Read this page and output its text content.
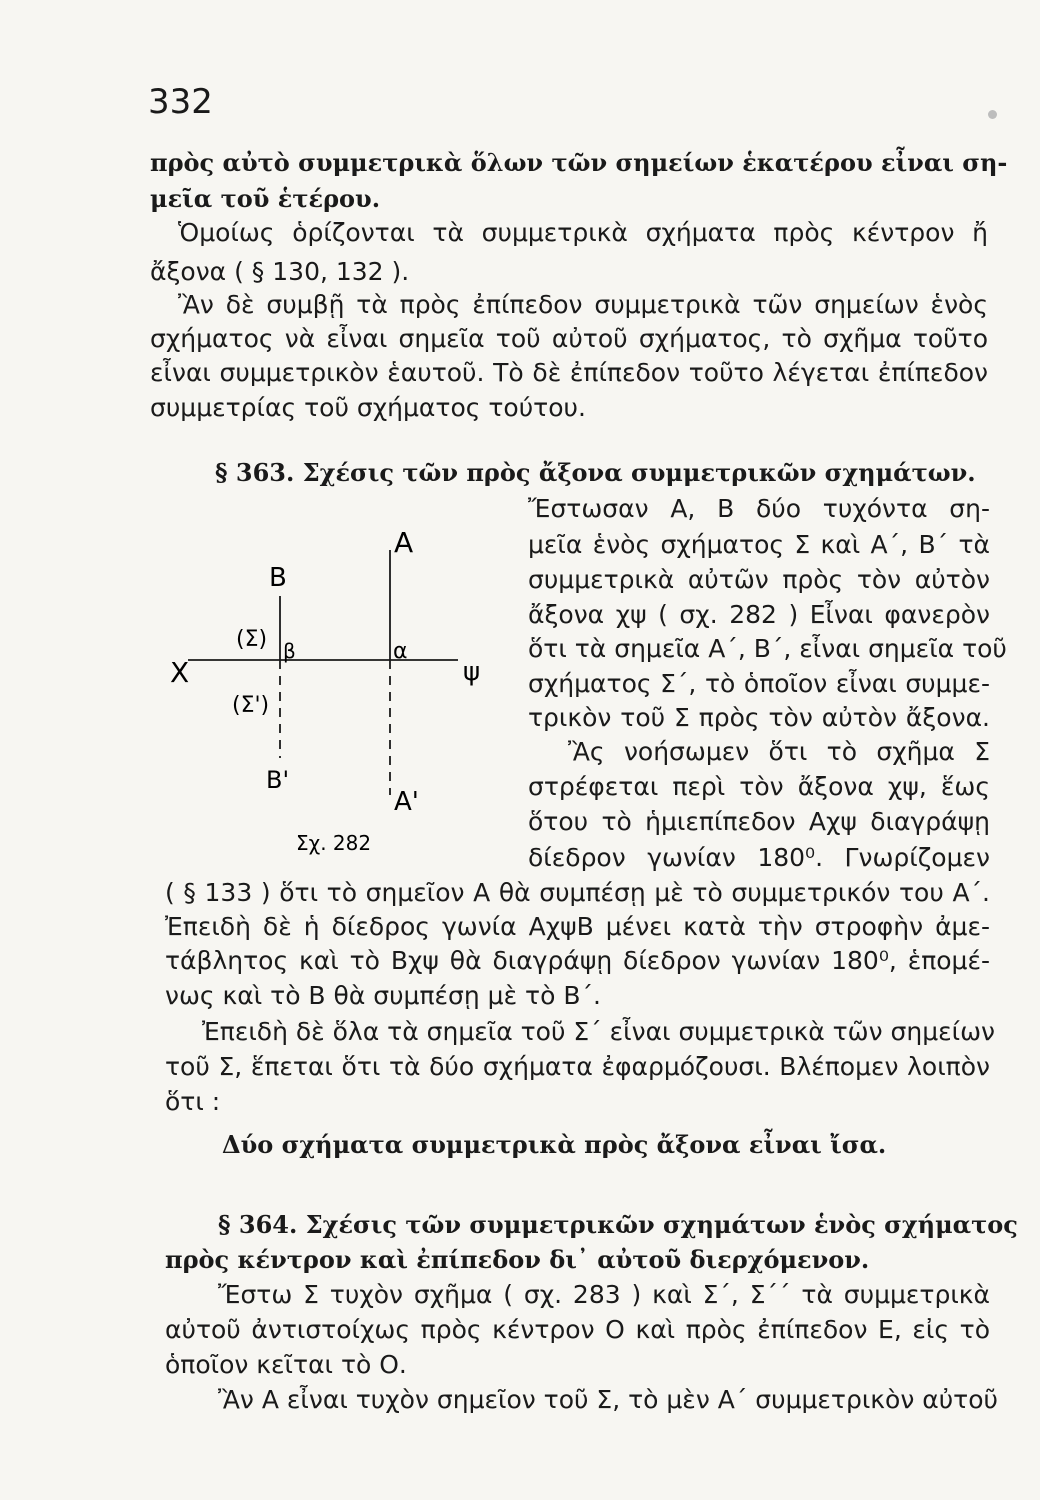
332
πρὸς αὐτὸ συμμετρικὰ ὅλων τῶν σημείων ἑκατέρου εἶναι ση-
μεῖα τοῦ ἑτέρου.
Ὁμοίως ὁρίζονται τὰ συμμετρικὰ σχήματα πρὸς κέντρον ἤ
ἄξονα ( § 130, 132 ).
Ἂν δὲ συμβῇ τὰ πρὸς ἐπίπεδον συμμετρικὰ τῶν σημείων ἑνὸς
σχήματος νὰ εἶναι σημεῖα τοῦ αὐτοῦ σχήματος, τὸ σχῆμα τοῦτο
εἶναι συμμετρικὸν ἑαυτοῦ. Τὸ δὲ ἐπίπεδον τοῦτο λέγεται ἐπίπεδον
συμμετρίας τοῦ σχήματος τούτου.
§ 363. Σχέσις τῶν πρὸς ἄξονα συμμετρικῶν σχημάτων.
Ἔστωσαν Α, Β δύο τυχόντα ση-
μεῖα ἑνὸς σχήματος Σ καὶ Α΄, Β΄ τὰ
συμμετρικὰ αὐτῶν πρὸς τὸν αὐτὸν
ἄξονα χψ ( σχ. 282 ) Εἶναι φανερὸν
ὅτι τὰ σημεῖα Α΄, Β΄, εἶναι σημεῖα τοῦ
σχήματος Σ΄, τὸ ὁποῖον εἶναι συμμε-
τρικὸν τοῦ Σ πρὸς τὸν αὐτὸν ἄξονα.
Ἂς νοήσωμεν ὅτι τὸ σχῆμα Σ
στρέφεται περὶ τὸν ἄξονα χψ, ἕως
ὅτου τὸ ἡμιεπίπεδον Αχψ διαγράψῃ
δίεδρον γωνίαν 180⁰. Γνωρίζομεν
A
B
(Σ) β	α
X	ψ
(Σ')
B'
A'
Σχ. 282
( § 133 ) ὅτι τὸ σημεῖον Α θὰ συμπέσῃ μὲ τὸ συμμετρικόν του Α΄.
Ἐπειδὴ δὲ ἡ δίεδρος γωνία ΑχψΒ μένει κατὰ τὴν στροφὴν ἀμε-
τάβλητος καὶ τὸ Βχψ θὰ διαγράψῃ δίεδρον γωνίαν 180⁰, ἑπομέ-
νως καὶ τὸ Β θὰ συμπέσῃ μὲ τὸ Β΄.
Ἐπειδὴ δὲ ὅλα τὰ σημεῖα τοῦ Σ΄ εἶναι συμμετρικὰ τῶν σημείων
τοῦ Σ, ἕπεται ὅτι τὰ δύο σχήματα ἐφαρμόζουσι. Βλέπομεν λοιπὸν
ὅτι :
Δύο σχήματα συμμετρικὰ πρὸς ἄξονα εἶναι ἴσα.
§ 364. Σχέσις τῶν συμμετρικῶν σχημάτων ἑνὸς σχήματος
πρὸς κέντρον καὶ ἐπίπεδον δι᾽ αὐτοῦ διερχόμενον.
Ἔστω Σ τυχὸν σχῆμα ( σχ. 283 ) καὶ Σ΄, Σ΄΄ τὰ συμμετρικὰ
αὐτοῦ ἀντιστοίχως πρὸς κέντρον Ο καὶ πρὸς ἐπίπεδον Ε, εἰς τὸ
ὁποῖον κεῖται τὸ Ο.
Ἂν Α εἶναι τυχὸν σημεῖον τοῦ Σ, τὸ μὲν Α΄ συμμετρικὸν αὐτοῦ
